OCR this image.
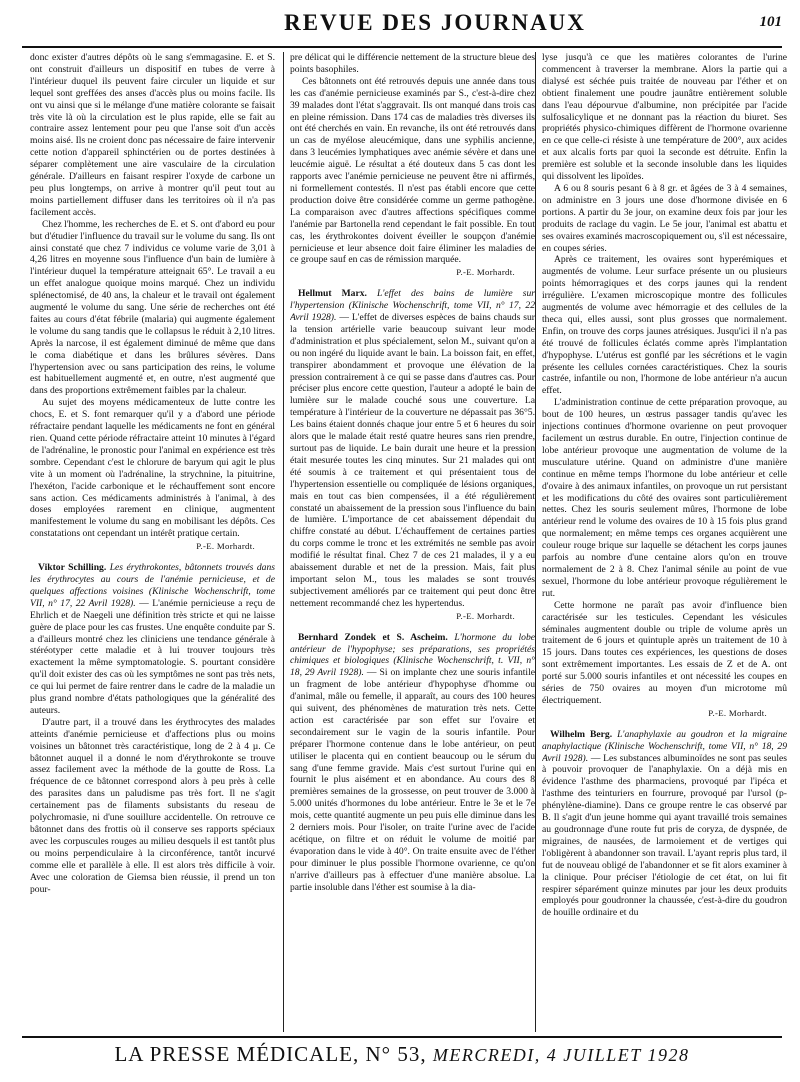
REVUE DES JOURNAUX	101

donc exister d'autres dépôts où le sang s'emmagasine. E. et S. ont construit d'ailleurs un dispositif en tubes de verre à l'intérieur duquel ils peuvent faire circuler un liquide et sur lequel sont greffées des anses d'accès plus ou moins facile. Ils ont vu ainsi que si le mélange d'une matière colorante se faisait très vite là où la circulation est le plus rapide, elle se fait au contraire assez lentement pour peu que l'anse soit d'un accès moins aisé. Ils ne croient donc pas nécessaire de faire intervenir cette notion d'appareil sphinctérien ou de portes destinées à séparer complètement une aire vasculaire de la circulation générale. D'ailleurs en faisant respirer l'oxyde de carbone un peu plus longtemps, on arrive à montrer qu'il peut tout au moins partiellement diffuser dans les territoires où il n'a pas facilement accès.

Chez l'homme, les recherches de E. et S. ont d'abord eu pour but d'étudier l'influence du travail sur le volume du sang. Ils ont ainsi constaté que chez 7 individus ce volume varie de 3,01 à 4,26 litres en moyenne sous l'influence d'un bain de lumière à l'intérieur duquel la température atteignait 65°. Le travail a eu un effet analogue quoique moins marqué. Chez un individu splénectomisé, de 40 ans, la chaleur et le travail ont également augmenté le volume du sang. Une série de recherches ont été faites au cours d'état fébrile (malaria) qui augmente également le volume du sang tandis que le collapsus le réduit à 2,10 litres. Après la narcose, il est également diminué de même que dans le coma diabétique et dans les brûlures sévères. Dans l'hypertension avec ou sans participation des reins, le volume est habituellement augmenté et, en outre, n'est augmenté que dans des proportions extrêmement faibles par la chaleur.

Au sujet des moyens médicamenteux de lutte contre les chocs, E. et S. font remarquer qu'il y a d'abord une période réfractaire pendant laquelle les médicaments ne font en général rien. Quand cette période réfractaire atteint 10 minutes à l'égard de l'adrénaline, le pronostic pour l'animal en expérience est très sombre. Cependant c'est le chlorure de baryum qui agit le plus vite à un moment où l'adrénaline, la strychnine, la pituitrine, l'hexéton, l'acide carbonique et le réchauffement sont encore sans action. Ces médicaments administrés à l'animal, à des doses employées rarement en clinique, augmentent manifestement le volume du sang en mobilisant les dépôts. Ces constatations ont cependant un intérêt pratique certain.

P.-E. Morhardt.

Viktor Schilling. Les érythrokontes, bâtonnets trouvés dans les érythrocytes au cours de l'anémie pernicieuse, et de quelques affections voisines (Klinische Wochenschrift, tome VII, n° 17, 22 Avril 1928). — L'anémie pernicieuse a reçu de Ehrlich et de Naegeli une définition très stricte et qui ne laisse guère de place pour les cas frustes. Une enquête conduite par S. a d'ailleurs montré chez les cliniciens une tendance générale à stéréotyper cette maladie et à lui trouver toujours très exactement la même symptomatologie. S. pourtant considère qu'il doit exister des cas où les symptômes ne sont pas très nets, ce qui lui permet de faire rentrer dans le cadre de la maladie un plus grand nombre d'états pathologiques que la généralité des auteurs.

D'autre part, il a trouvé dans les érythrocytes des malades atteints d'anémie pernicieuse et d'affections plus ou moins voisines un bâtonnet très caractéristique, long de 2 à 4 µ. Ce bâtonnet auquel il a donné le nom d'érythrokonte se trouve assez facilement avec la méthode de la goutte de Ross. La fréquence de ce bâtonnet correspond alors à peu près à celle des parasites dans un paludisme pas très fort. Il ne s'agit certainement pas de filaments subsistants du reseau de polychromasie, ni d'une souillure accidentelle. On retrouve ce bâtonnet dans des frottis où il conserve ses rapports spéciaux avec les corpuscules rouges au milieu desquels il est tantôt plus ou moins perpendiculaire à la circonférence, tantôt incurvé comme elle et parallèle à elle. Il est alors très difficile à voir. Avec une coloration de Giemsa bien réussie, il prend un ton pour-

pre délicat qui le différencie nettement de la structure bleue des points basophiles.

Ces bâtonnets ont été retrouvés depuis une année dans tous les cas d'anémie pernicieuse examinés par S., c'est-à-dire chez 39 malades dont l'état s'aggravait. Ils ont manqué dans trois cas en pleine rémission. Dans 174 cas de maladies très diverses ils ont été cherchés en vain. En revanche, ils ont été retrouvés dans un cas de myélose aleucémique, dans une syphilis ancienne, dans 3 leucémies lymphatiques avec anémie sévère et dans une leucémie aiguë. Le résultat a été douteux dans 5 cas dont les rapports avec l'anémie pernicieuse ne peuvent être ni affirmés, ni formellement contestés. Il n'est pas établi encore que cette production doive être considérée comme un germe pathogène. La comparaison avec d'autres affections spécifiques comme l'anémie par Bartonella rend cependant le fait possible. En tout cas, les érythrokontes doivent éveiller le soupçon d'anémie pernicieuse et leur absence doit faire éliminer les maladies de ce groupe sauf en cas de rémission marquée.

P.-E. Morhardt.

Hellmut Marx. L'effet des bains de lumière sur l'hypertension (Klinische Wochenschrift, tome VII, n° 17, 22 Avril 1928). — L'effet de diverses espèces de bains chauds sur la tension artérielle varie beaucoup suivant leur mode d'administration et plus spécialement, selon M., suivant qu'on a ou non ingéré du liquide avant le bain. La boisson fait, en effet, transpirer abondamment et provoque une élévation de la pression contrairement à ce qui se passe dans d'autres cas. Pour préciser plus encore cette question, l'auteur a adopté le bain de lumière sur le malade couché sous une couverture. La température à l'intérieur de la couverture ne dépassait pas 36°5. Les bains étaient donnés chaque jour entre 5 et 6 heures du soir alors que le malade était resté quatre heures sans rien prendre, surtout pas de liquide. Le bain durait une heure et la pression était mesurée toutes les cinq minutes. Sur 21 malades qui ont été soumis à ce traitement et qui présentaient tous de l'hypertension essentielle ou compliquée de lésions organiques, mais en tout cas bien compensées, il a été régulièrement constaté un abaissement de la pression sous l'influence du bain de lumière. L'importance de cet abaissement dépendait du chiffre constaté au début. L'échauffement de certaines parties du corps comme le tronc et les extrémités ne semble pas avoir modifié le résultat final. Chez 7 de ces 21 malades, il y a eu abaissement durable et net de la pression. Mais, fait plus important selon M., tous les malades se sont trouvés subjectivement améliorés par ce traitement qui peut donc être nettement recommandé chez les hypertendus.

P.-E. Morhardt.

Bernhard Zondek et S. Ascheim. L'hormone du lobe antérieur de l'hypophyse; ses préparations, ses propriétés chimiques et biologiques (Klinische Wochenschrift, t. VII, n° 18, 29 Avril 1928). — Si on implante chez une souris infantile un fragment de lobe antérieur d'hypophyse d'homme ou d'animal, mâle ou femelle, il apparaît, au cours des 100 heures qui suivent, des phénomènes de maturation très nets. Cette action est caractérisée par son effet sur l'ovaire et secondairement sur le vagin de la souris infantile. Pour préparer l'hormone contenue dans le lobe antérieur, on peut utiliser le placenta qui en contient beaucoup ou le sérum du sang d'une femme gravide. Mais c'est surtout l'urine qui en fournit le plus aisément et en abondance. Au cours des 8 premières semaines de la grossesse, on peut trouver de 3.000 à 5.000 unités d'hormones du lobe antérieur. Entre le 3e et le 7e mois, cette quantité augmente un peu puis elle diminue dans les 2 derniers mois. Pour l'isoler, on traite l'urine avec de l'acide acétique, on filtre et on réduit le volume de moitié par évaporation dans le vide à 40°. On traite ensuite avec de l'éther pour diminuer le plus possible l'hormone ovarienne, ce qu'on n'arrive d'ailleurs pas à effectuer d'une manière absolue. La partie insoluble dans l'éther est soumise à la dia-

lyse jusqu'à ce que les matières colorantes de l'urine commencent à traverser la membrane. Alors la partie qui a dialysé est séchée puis traitée de nouveau par l'éther et on obtient finalement une poudre jaunâtre entièrement soluble dans l'eau dépourvue d'albumine, non précipitée par l'acide sulfosalicylique et ne donnant pas la réaction du biuret. Ses propriétés physico-chimiques diffèrent de l'hormone ovarienne en ce que celle-ci résiste à une température de 200°, aux acides et aux alcalis forts par quoi la seconde est détruite. Enfin la première est soluble et la seconde insoluble dans les liquides qui dissolvent les lipoïdes.

A 6 ou 8 souris pesant 6 à 8 gr. et âgées de 3 à 4 semaines, on administre en 3 jours une dose d'hormone divisée en 6 portions. A partir du 3e jour, on examine deux fois par jour les produits de raclage du vagin. Le 5e jour, l'animal est abattu et ses ovaires examinés macroscopiquement ou, s'il est nécessaire, en coupes séries.

Après ce traitement, les ovaires sont hyperémiques et augmentés de volume. Leur surface présente un ou plusieurs points hémorragiques et des corps jaunes qui la rendent irrégulière. L'examen microscopique montre des follicules augmentés de volume avec hémorragie et des cellules de la theca qui, elles aussi, sont plus grosses que normalement. Enfin, on trouve des corps jaunes atrésiques. Jusqu'ici il n'a pas été trouvé de follicules éclatés comme après l'implantation d'hypophyse. L'utérus est gonflé par les sécrétions et le vagin présente les cellules cornées caractéristiques. Chez la souris castrée, infantile ou non, l'hormone de lobe antérieur n'a aucun effet.

L'administration continue de cette préparation provoque, au bout de 100 heures, un œstrus passager tandis qu'avec les injections continues d'hormone ovarienne on peut provoquer facilement un œstrus durable. En outre, l'injection continue de lobe antérieur provoque une augmentation de volume de la musculature utérine. Quand on administre d'une manière continue en même temps l'hormone du lobe antérieur et celle d'ovaire à des animaux infantiles, on provoque un rut persistant et les modifications du côté des ovaires sont particulièrement nettes. Chez les souris seulement mûres, l'hormone de lobe antérieur rend le volume des ovaires de 10 à 15 fois plus grand que normalement; en même temps ces organes acquièrent une couleur rouge brique sur laquelle se détachent les corps jaunes parfois au nombre d'une centaine alors qu'on en trouve normalement de 2 à 8. Chez l'animal sénile au point de vue sexuel, l'hormone du lobe antérieur provoque régulièrement le rut.

Cette hormone ne paraît pas avoir d'influence bien caractérisée sur les testicules. Cependant les vésicules séminales augmentent double ou triple de volume après un traitement de 6 jours et quintuple après un traitement de 10 à 15 jours. Dans toutes ces expériences, les questions de doses sont extrêmement importantes. Les essais de Z et de A. ont porté sur 5.000 souris infantiles et ont nécessité les coupes en séries de 750 ovaires au moyen d'un microtome mû électriquement.

P.-E. Morhardt.

Wilhelm Berg. L'anaphylaxie au goudron et la migraine anaphylactique (Klinische Wochenschrift, tome VII, n° 18, 29 Avril 1928). — Les substances albuminoïdes ne sont pas seules à pouvoir provoquer de l'anaphylaxie. On a déjà mis en évidence l'asthme des pharmaciens, provoqué par l'ipéca et l'asthme des teinturiers en fourrure, provoqué par l'ursol (p-phénylène-diamine). Dans ce groupe rentre le cas observé par B. Il s'agit d'un jeune homme qui ayant travaillé trois semaines au goudronnage d'une route fut pris de coryza, de dyspnée, de migraines, de nausées, de larmoiement et de vertiges qui l'obligèrent à abandonner son travail. L'ayant repris plus tard, il fut de nouveau obligé de l'abandonner et se fit alors examiner à la clinique. Pour préciser l'étiologie de cet état, on lui fit respirer séparément quinze minutes par jour les deux produits employés pour goudronner la chaussée, c'est-à-dire du goudron de houille ordinaire et du

LA PRESSE MÉDICALE, N° 53, MERCREDI, 4 JUILLET 1928
